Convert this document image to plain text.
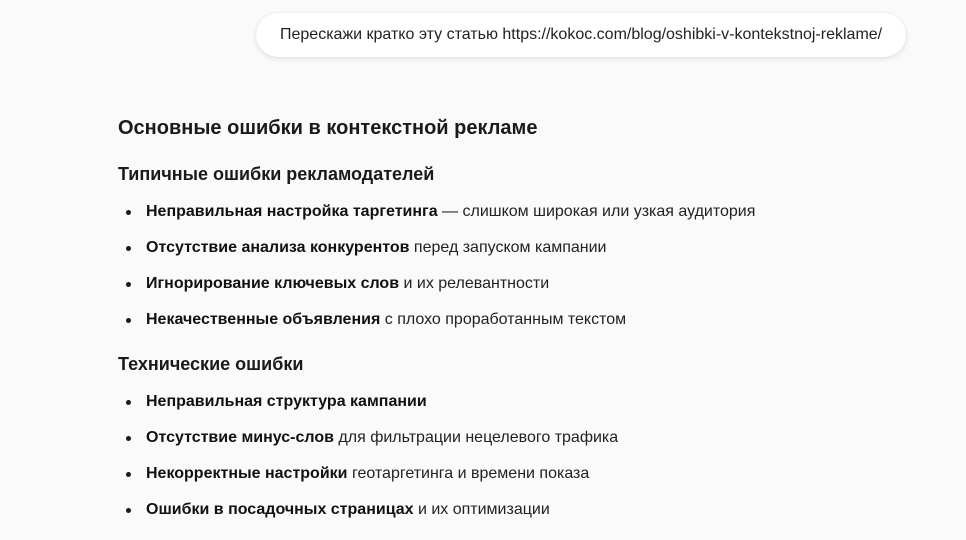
Перескажи кратко эту статью https://kokoc.com/blog/oshibki-v-kontekstnoj-reklame/
Основные ошибки в контекстной рекламе
Типичные ошибки рекламодателей
Неправильная настройка таргетинга — слишком широкая или узкая аудитория
Отсутствие анализа конкурентов перед запуском кампании
Игнорирование ключевых слов и их релевантности
Некачественные объявления с плохо проработанным текстом
Технические ошибки
Неправильная структура кампании
Отсутствие минус-слов для фильтрации нецелевого трафика
Некорректные настройки геотаргетинга и времени показа
Ошибки в посадочных страницах и их оптимизации
